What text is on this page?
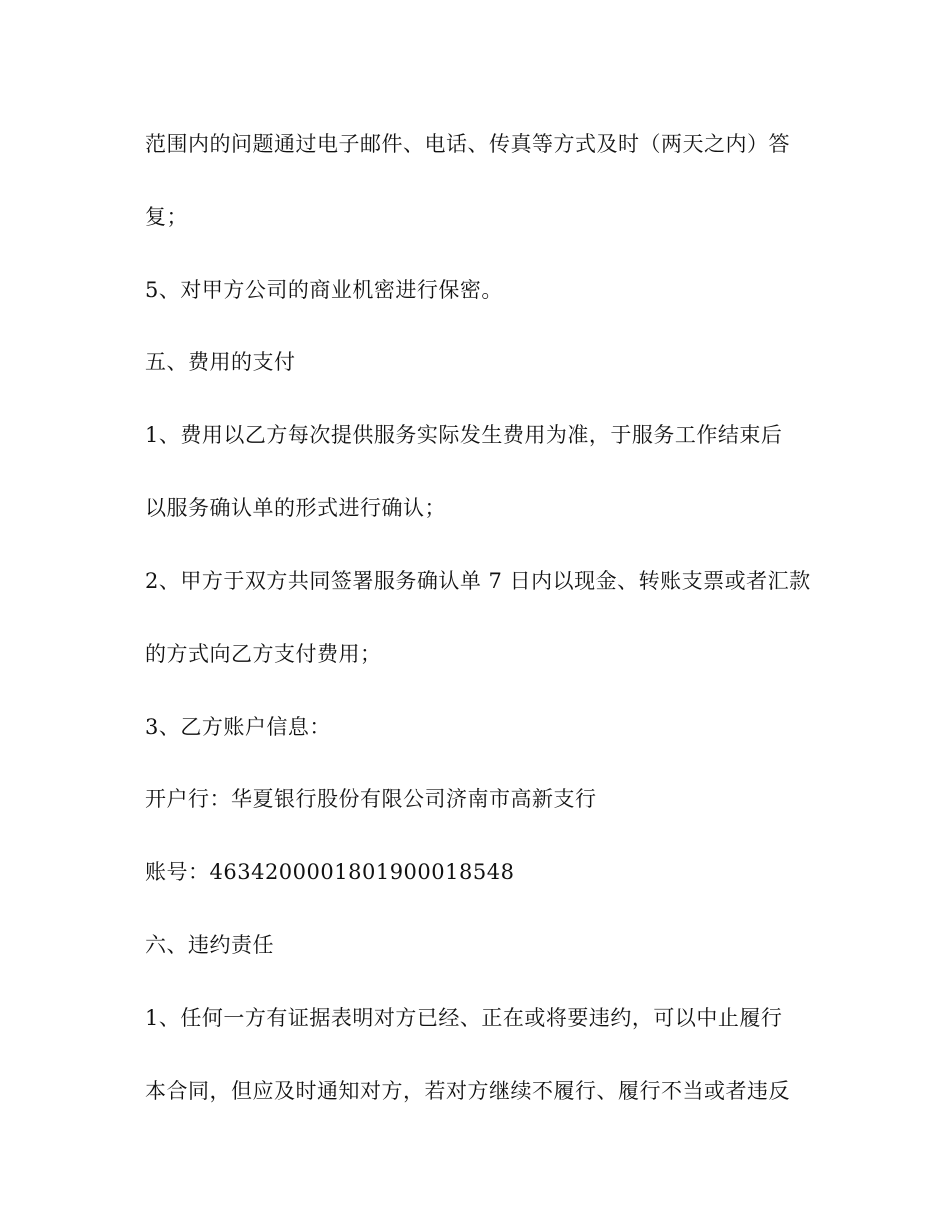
范围内的问题通过电子邮件、电话、传真等方式及时（两天之内）答
复；
5、对甲方公司的商业机密进行保密。
五、费用的支付
1、费用以乙方每次提供服务实际发生费用为准，于服务工作结束后
以服务确认单的形式进行确认；
2、甲方于双方共同签署服务确认单 7 日内以现金、转账支票或者汇款
的方式向乙方支付费用；
3、乙方账户信息：
开户行：华夏银行股份有限公司济南市高新支行
账号：46342000018019000185​48
六、违约责任
1、任何一方有证据表明对方已经、正在或将要违约，可以中止履行
本合同，但应及时通知对方，若对方继续不履行、履行不当或者违反
